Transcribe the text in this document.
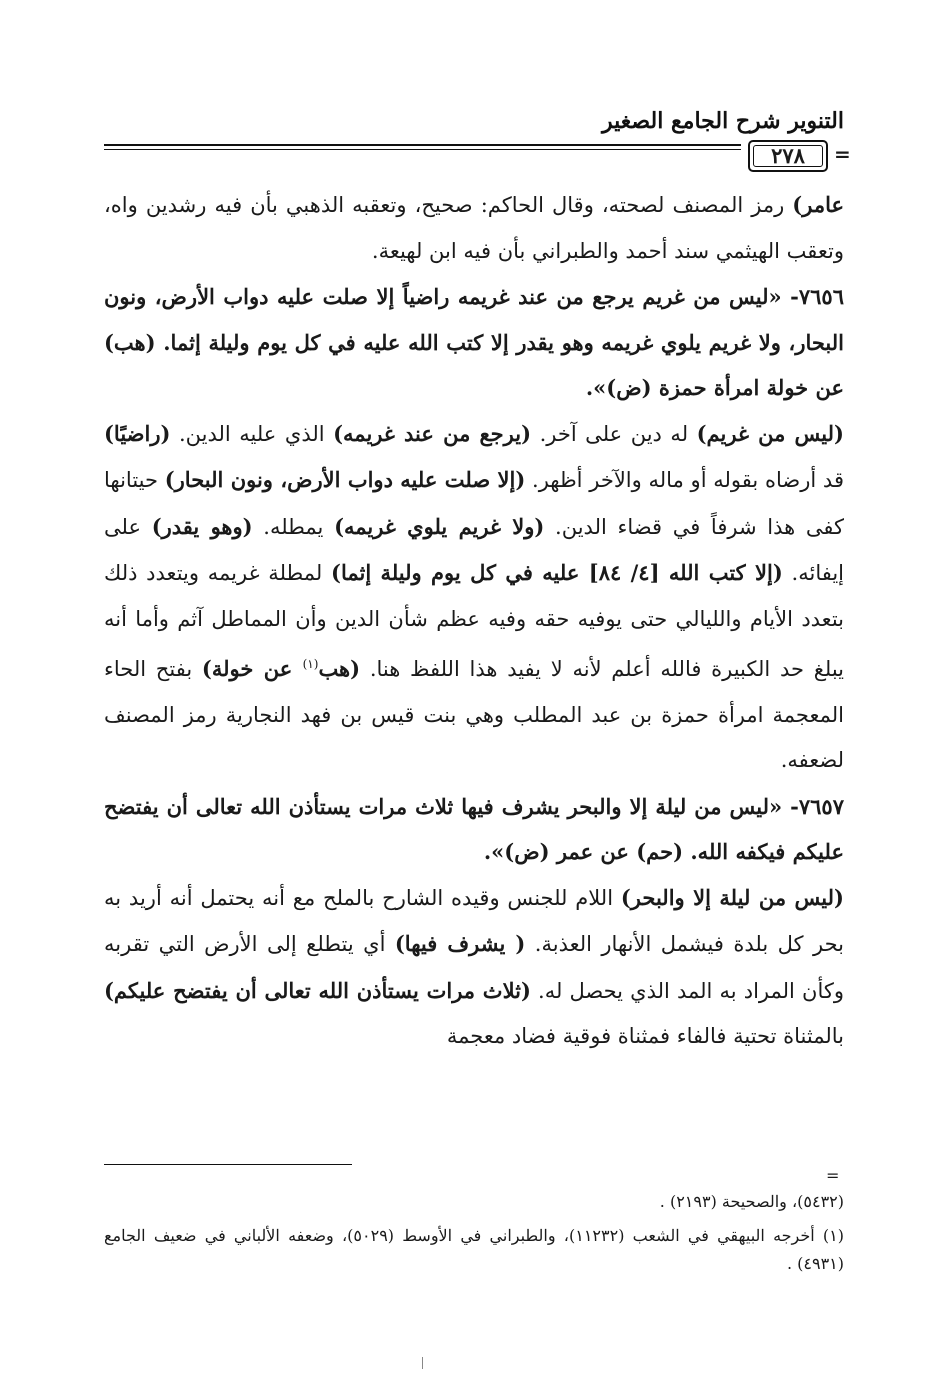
التنوير شرح الجامع الصغير
٢٧٨	=

عامر) رمز المصنف لصحته، وقال الحاكم: صحيح، وتعقبه الذهبي بأن فيه رشدين واه، وتعقب الهيثمي سند أحمد والطبراني بأن فيه ابن لهيعة.

٧٦٥٦- «ليس من غريم يرجع من عند غريمه راضياً إلا صلت عليه دواب الأرض، ونون البحار، ولا غريم يلوي غريمه وهو يقدر إلا كتب الله عليه في كل يوم وليلة إثما. (هب) عن خولة امرأة حمزة (ض)».

(ليس من غريم) له دين على آخر. (يرجع من عند غريمه) الذي عليه الدين. (راضيًا) قد أرضاه بقوله أو ماله والآخر أظهر. (إلا صلت عليه دواب الأرض، ونون البحار) حيتانها كفى هذا شرفاً في قضاء الدين. (ولا غريم يلوي غريمه) يمطله. (وهو يقدر) على إيفائه. (إلا كتب الله [٤/ ٨٤] عليه في كل يوم وليلة إثما) لمطلة غريمه ويتعدد ذلك بتعدد الأيام والليالي حتى يوفيه حقه وفيه عظم شأن الدين وأن المماطل آثم وأما أنه يبلغ حد الكبيرة فالله أعلم لأنه لا يفيد هذا اللفظ هنا. (هب$^{(١)}$ عن خولة) بفتح الحاء المعجمة امرأة حمزة بن عبد المطلب وهي بنت قيس بن فهد النجارية رمز المصنف لضعفه.

٧٦٥٧- «ليس من ليلة إلا والبحر يشرف فيها ثلاث مرات يستأذن الله تعالى أن يفتضح عليكم فيكفه الله. (حم) عن عمر (ض)».

(ليس من ليلة إلا والبحر) اللام للجنس وقيده الشارح بالملح مع أنه يحتمل أنه أريد به بحر كل بلدة فيشمل الأنهار العذبة. ( يشرف فيها) أي يتطلع إلى الأرض التي تقربه وكأن المراد به المد الذي يحصل له. (ثلاث مرات يستأذن الله تعالى أن يفتضح عليكم) بالمثناة تحتية فالفاء فمثناة فوقية فضاد معجمة

=

(٥٤٣٢)، والصحيحة (٢١٩٣) .

(١) أخرجه البيهقي في الشعب (١١٢٣٢)، والطبراني في الأوسط (٥٠٢٩)، وضعفه الألباني في ضعيف الجامع (٤٩٣١) .
